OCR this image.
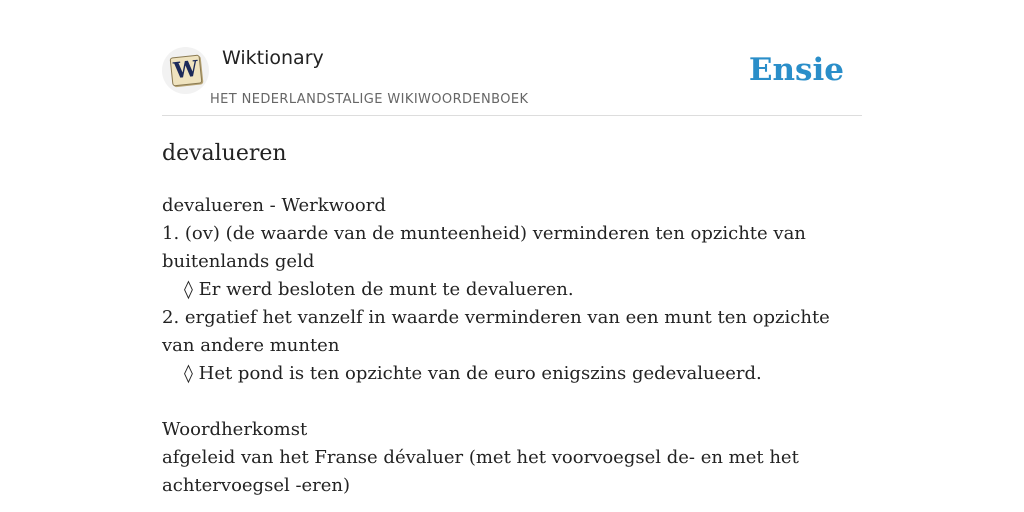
W Wiktionary
HET NEDERLANDSTALIGE WIKIWOORDENBOEK
Ensie
devalueren

devalueren - Werkwoord

1. (ov) (de waarde van de munteenheid) verminderen ten opzichte van buitenlands geld

◊ Er werd besloten de munt te devalueren.

2. ergatief het vanzelf in waarde verminderen van een munt ten opzichte van andere munten

◊ Het pond is ten opzichte van de euro enigszins gedevalueerd.

Woordherkomst

afgeleid van het Franse dévaluer (met het voorvoegsel de- en met het achtervoegsel -eren)
